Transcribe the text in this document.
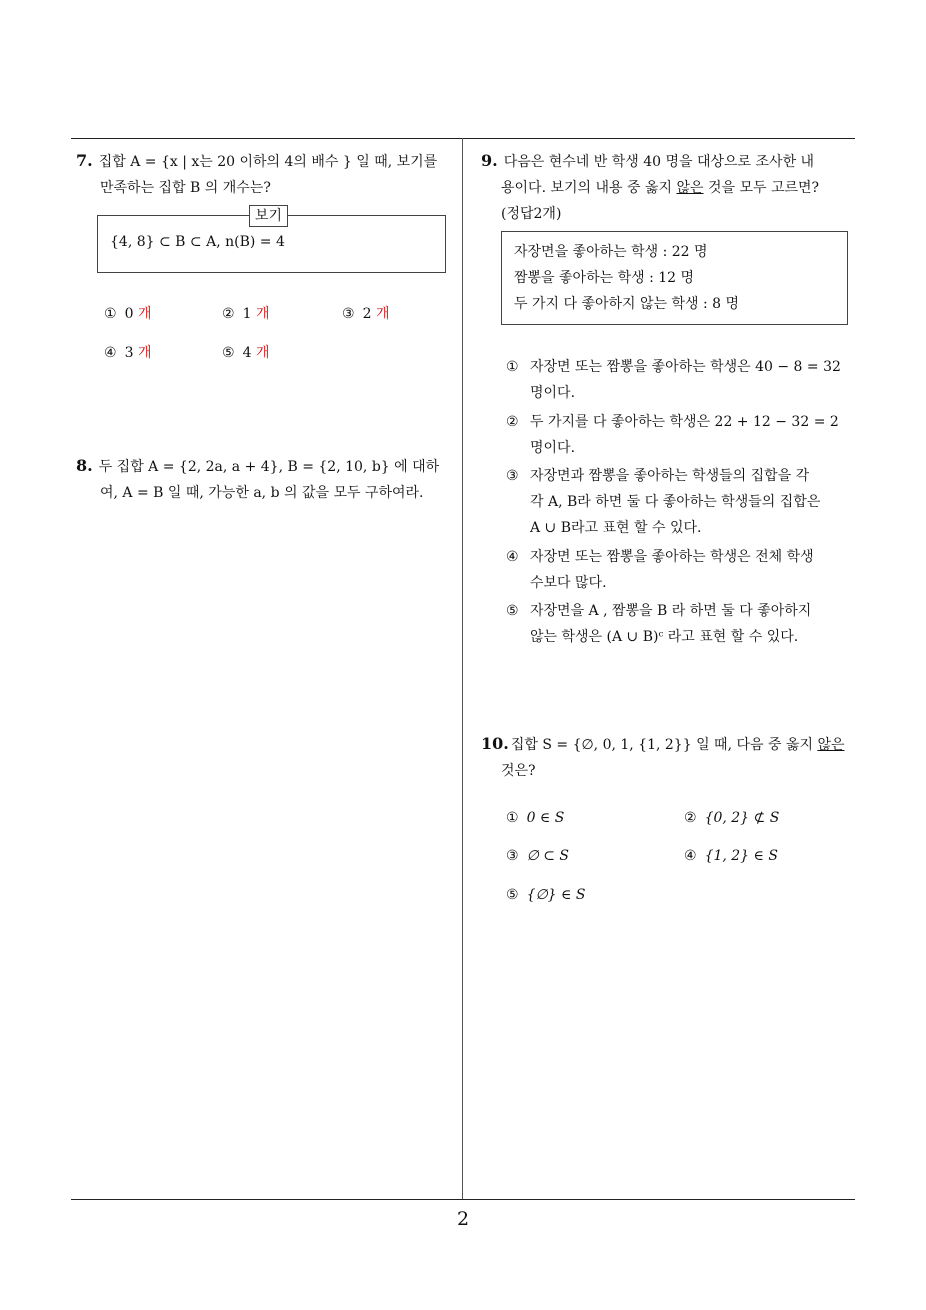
2
7. 집합 A = {x | x는 20 이하의 4의 배수 } 일 때, 보기를
만족하는 집합 B 의 개수는?
{4, 8} ⊂ B ⊂ A, n(B) = 4
보기
① 0 개	② 1 개	③ 2 개
④ 3 개	⑤ 4 개
8. 두 집합 A = {2, 2a, a + 4}, B = {2, 10, b} 에 대하
여, A = B 일 때, 가능한 a, b 의 값을 모두 구하여라.
9. 다음은 현수네 반 학생 40 명을 대상으로 조사한 내
용이다. 보기의 내용 중 옳지 않은 것을 모두 고르면?
(정답2개)
자장면을 좋아하는 학생 : 22 명
짬뽕을 좋아하는 학생 : 12 명
두 가지 다 좋아하지 않는 학생 : 8 명
① 자장면 또는 짬뽕을 좋아하는 학생은 40 − 8 = 32
명이다.
② 두 가지를 다 좋아하는 학생은 22 + 12 − 32 = 2
명이다.
③ 자장면과 짬뽕을 좋아하는 학생들의 집합을 각
각 A, B라 하면 둘 다 좋아하는 학생들의 집합은
A ∪ B라고 표현 할 수 있다.
④ 자장면 또는 짬뽕을 좋아하는 학생은 전체 학생
수보다 많다.
⑤ 자장면을 A , 짬뽕을 B 라 하면 둘 다 좋아하지
않는 학생은 (A ∪ B)ᶜ 라고 표현 할 수 있다.
10. 집합 S = {∅, 0, 1, {1, 2}} 일 때, 다음 중 옳지 않은
것은?
① 0 ∈ S	② {0, 2} ⊄ S
③ ∅ ⊂ S	④ {1, 2} ∈ S
⑤ {∅} ∈ S
